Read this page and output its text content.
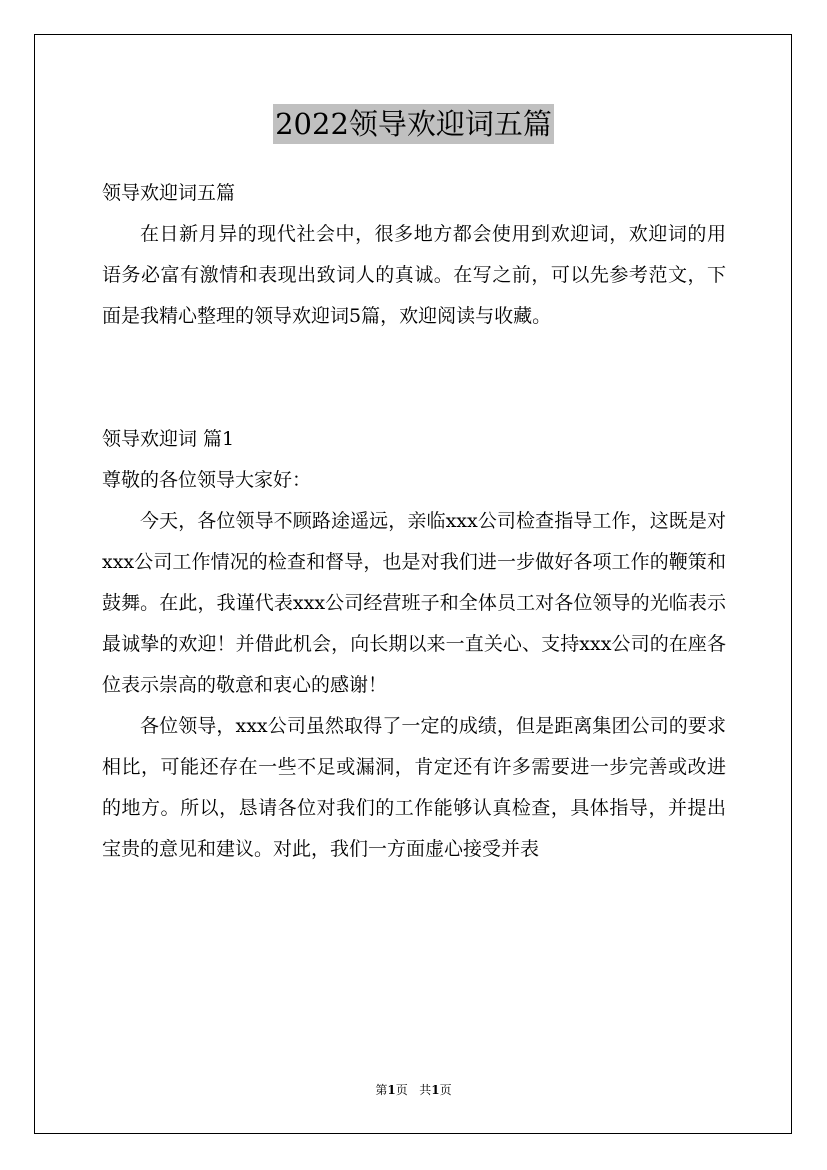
2022领导欢迎词五篇

领导欢迎词五篇

在日新月异的现代社会中，很多地方都会使用到欢迎词，欢迎词的用语务必富有激情和表现出致词人的真诚。在写之前，可以先参考范文，下面是我精心整理的领导欢迎词5篇，欢迎阅读与收藏。

领导欢迎词 篇1

尊敬的各位领导大家好：

今天，各位领导不顾路途遥远，亲临xxx公司检查指导工作，这既是对xxx公司工作情况的检查和督导，也是对我们进一步做好各项工作的鞭策和鼓舞。在此，我谨代表xxx公司经营班子和全体员工对各位领导的光临表示最诚挚的欢迎！并借此机会，向长期以来一直关心、支持xxx公司的在座各位表示崇高的敬意和衷心的感谢！

各位领导，xxx公司虽然取得了一定的成绩，但是距离集团公司的要求相比，可能还存在一些不足或漏洞，肯定还有许多需要进一步完善或改进的地方。所以，恳请各位对我们的工作能够认真检查，具体指导，并提出宝贵的意见和建议。对此，我们一方面虚心接受并表

第1页 共1页
